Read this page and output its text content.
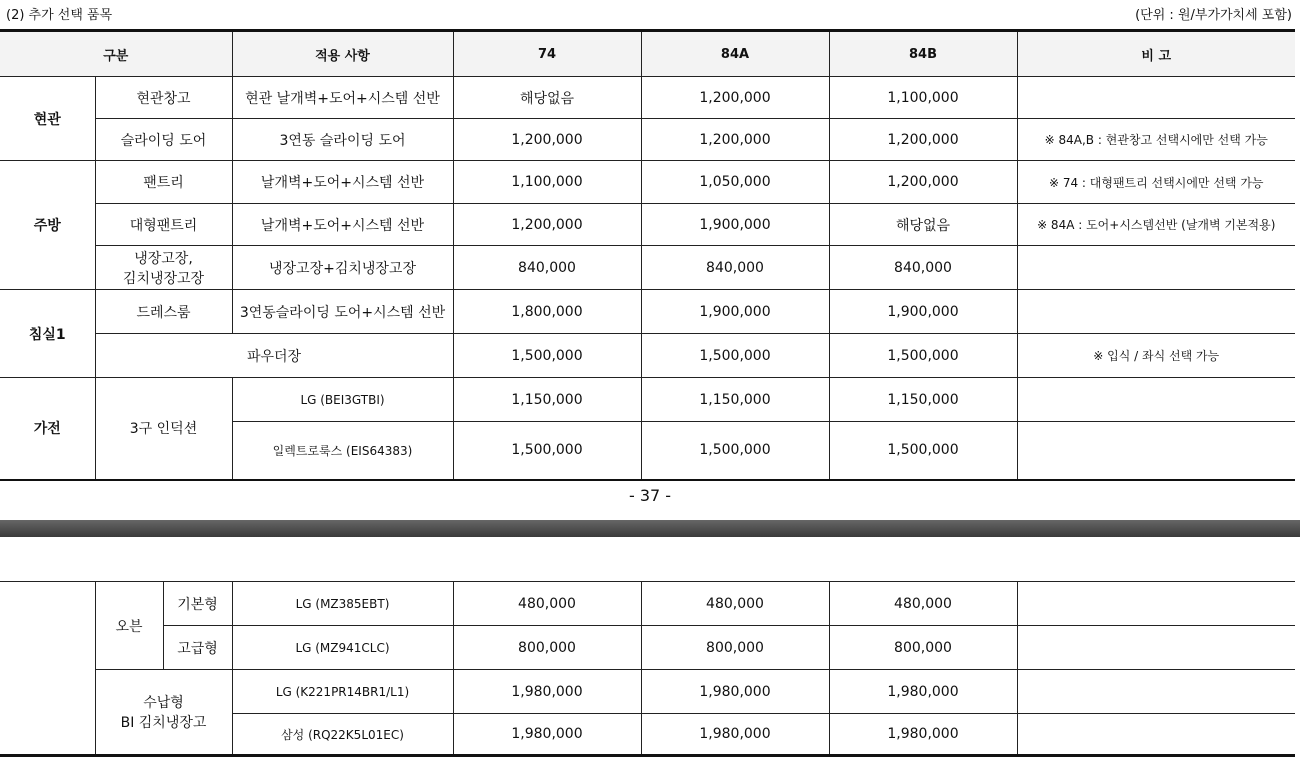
(2) 추가 선택 품목	(단위 : 원/부가가치세 포함)
구분		적용 사항	74	84A	84B	비 고
현관	현관창고	현관 날개벽+도어+시스템 선반	해당없음	1,200,000	1,100,000	
	슬라이딩 도어	3연동 슬라이딩 도어	1,200,000	1,200,000	1,200,000	※ 84A,B : 현관창고 선택시에만 선택 가능
주방	팬트리	날개벽+도어+시스템 선반	1,100,000	1,050,000	1,200,000	※ 74 : 대형팬트리 선택시에만 선택 가능
	대형팬트리	날개벽+도어+시스템 선반	1,200,000	1,900,000	해당없음	※ 84A : 도어+시스템선반 (날개벽 기본적용)
	냉장고장,
김치냉장고장	냉장고장+김치냉장고장	840,000	840,000	840,000	
침실1	드레스룸	3연동슬라이딩 도어+시스템 선반	1,800,000	1,900,000	1,900,000	
	파우더장		1,500,000	1,500,000	1,500,000	※ 입식 / 좌식 선택 가능
가전	3구 인덕션	LG (BEI3GTBI)	1,150,000	1,150,000	1,150,000	
		일렉트로룩스 (EIS64383)	1,500,000	1,500,000	1,500,000	
- 37 -
	오븐	기본형	LG (MZ385EBT)	480,000	480,000	480,000	
		고급형	LG (MZ941CLC)	800,000	800,000	800,000	
	수납형
BI 김치냉장고		LG (K221PR14BR1/L1)	1,980,000	1,980,000	1,980,000	
			삼성 (RQ22K5L01EC)	1,980,000	1,980,000	1,980,000	
